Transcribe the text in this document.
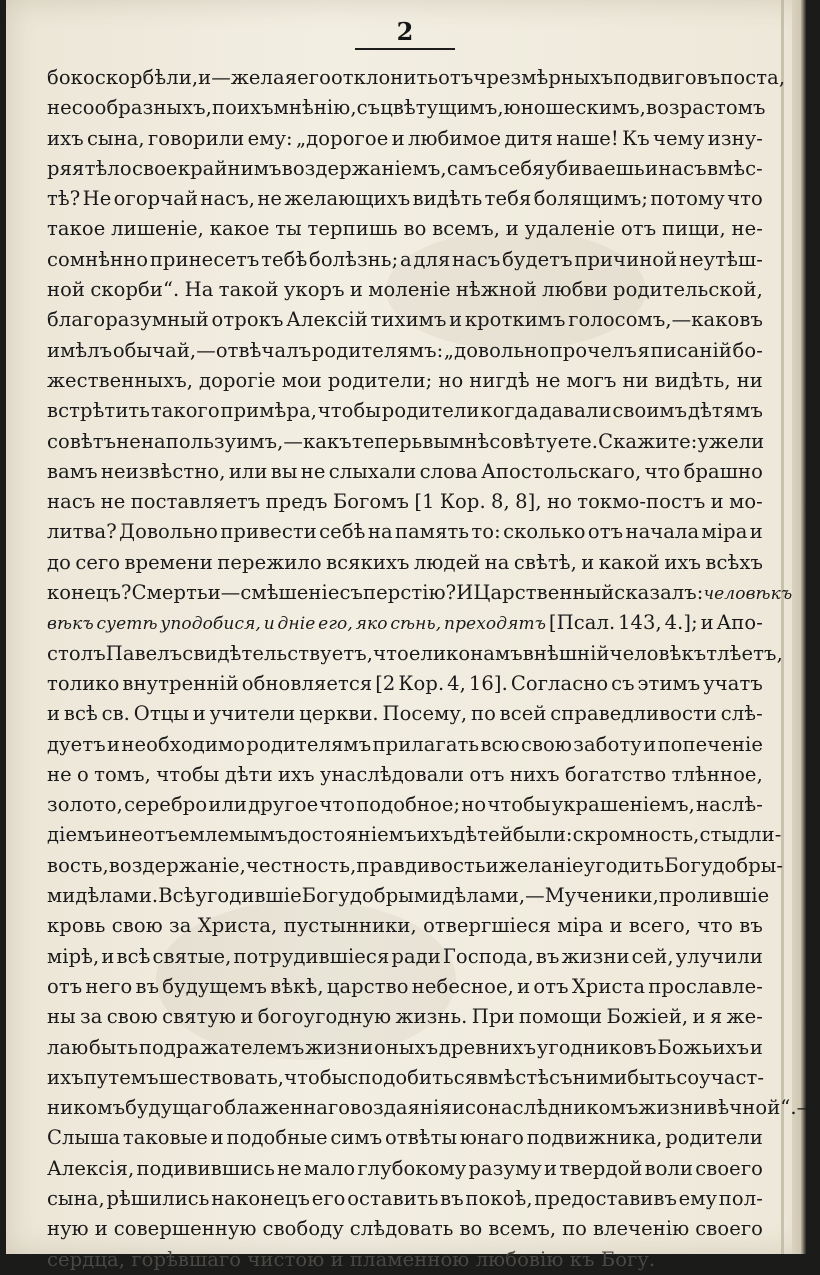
2
боко скорбѣли, и—желая его отклонить отъ чрезмѣрныхъ подвиговъ поста,
не сообразныхъ, по ихъ мнѣнію, съ цвѣтущимъ, юношескимъ, возрастомъ
ихъ сына, говорили ему: „дорогое и любимое дитя наше! Къ чему изну-
ряя тѣло свое крайнимъ воздержаніемъ, самъ себя убиваешь и насъ вмѣс-
тѣ? Не огорчай насъ, не желающихъ видѣть тебя болящимъ; потому что
такое лишеніе, какое ты терпишь во всемъ, и удаленіе отъ пищи, не-
сомнѣнно принесетъ тебѣ болѣзнь; а для насъ будетъ причиной неутѣш-
ной скорби“. На такой укоръ и моленіе нѣжной любви родительской,
благоразумный отрокъ Алексій тихимъ и кроткимъ голосомъ,—каковъ
имѣлъ обычай,—отвѣчалъ родителямъ: „довольно прочелъ я писаній бо-
жественныхъ, дорогіе мои родители; но нигдѣ не могъ ни видѣть, ни
встрѣтить такого примѣра, чтобы родители когда давали своимъ дѣтямъ
совѣтъ не на пользу имъ,—какъ теперь вы мнѣ совѣтуете. Скажите: ужели
вамъ неизвѣстно, или вы не слыхали слова Апостольскаго, что брашно
насъ не поставляетъ предъ Богомъ [1 Кор. 8, 8], но токмо-постъ и мо-
литва? Довольно привести себѣ на память то: сколько отъ начала міра и
до сего времени пережило всякихъ людей на свѣтѣ, и какой ихъ всѣхъ
конецъ? Смерть и—смѣшеніе съ перстію? И Царственный сказалъ: человѣкъ
вѣкъ суетѣ уподобися, и дніе его, яко сѣнь, преходятъ [Псал. 143, 4.]; и Апо-
столъ Павелъ свидѣтельствуетъ, что елико намъ внѣшній человѣкъ тлѣетъ,
толико внутренній обновляется [2 Кор. 4, 16]. Согласно съ этимъ учатъ
и всѣ св. Отцы и учители церкви. Посему, по всей справедливости слѣ-
дуетъ и необходимо родителямъ прилагать всю свою заботу и попеченіе
не о томъ, чтобы дѣти ихъ унаслѣдовали отъ нихъ богатство тлѣнное,
золото, серебро или другое что подобное; но чтобы украшеніемъ, наслѣ-
діемъ и неотъемлемымъ достояніемъ ихъ дѣтей были: скромность, стыдли-
вость, воздержаніе, честность, правдивость и желаніе угодить Богу добры-
ми дѣлами. Всѣ угодившіе Богу добрыми дѣлами,—Мученики, пролившіе
кровь свою за Христа, пустынники, отвергшіеся міра и всего, что въ
мірѣ, и всѣ святые, потрудившіеся ради Господа, въ жизни сей, улучили
отъ него въ будущемъ вѣкѣ, царство небесное, и отъ Христа прославле-
ны за свою святую и богоугодную жизнь. При помощи Божіей, и я же-
лаю быть подражателемъ жизни оныхъ древнихъ угодниковъ Божьихъ и
ихъ путемъ шествовать, чтобы сподобиться вмѣстѣ съ ними быть соучаст-
никомъ будущаго блаженнаго воздаянія и сонаслѣдникомъ жизни вѣчной“.—
Слыша таковые и подобные симъ отвѣты юнаго подвижника, родители
Алексія, подивившись не мало глубокому разуму и твердой воли своего
сына, рѣшились наконецъ его оставить въ покоѣ, предоставивъ ему пол-
ную и совершенную свободу слѣдовать во всемъ, по влеченію своего
сердца, горѣвшаго чистою и пламенною любовію къ Богу.
